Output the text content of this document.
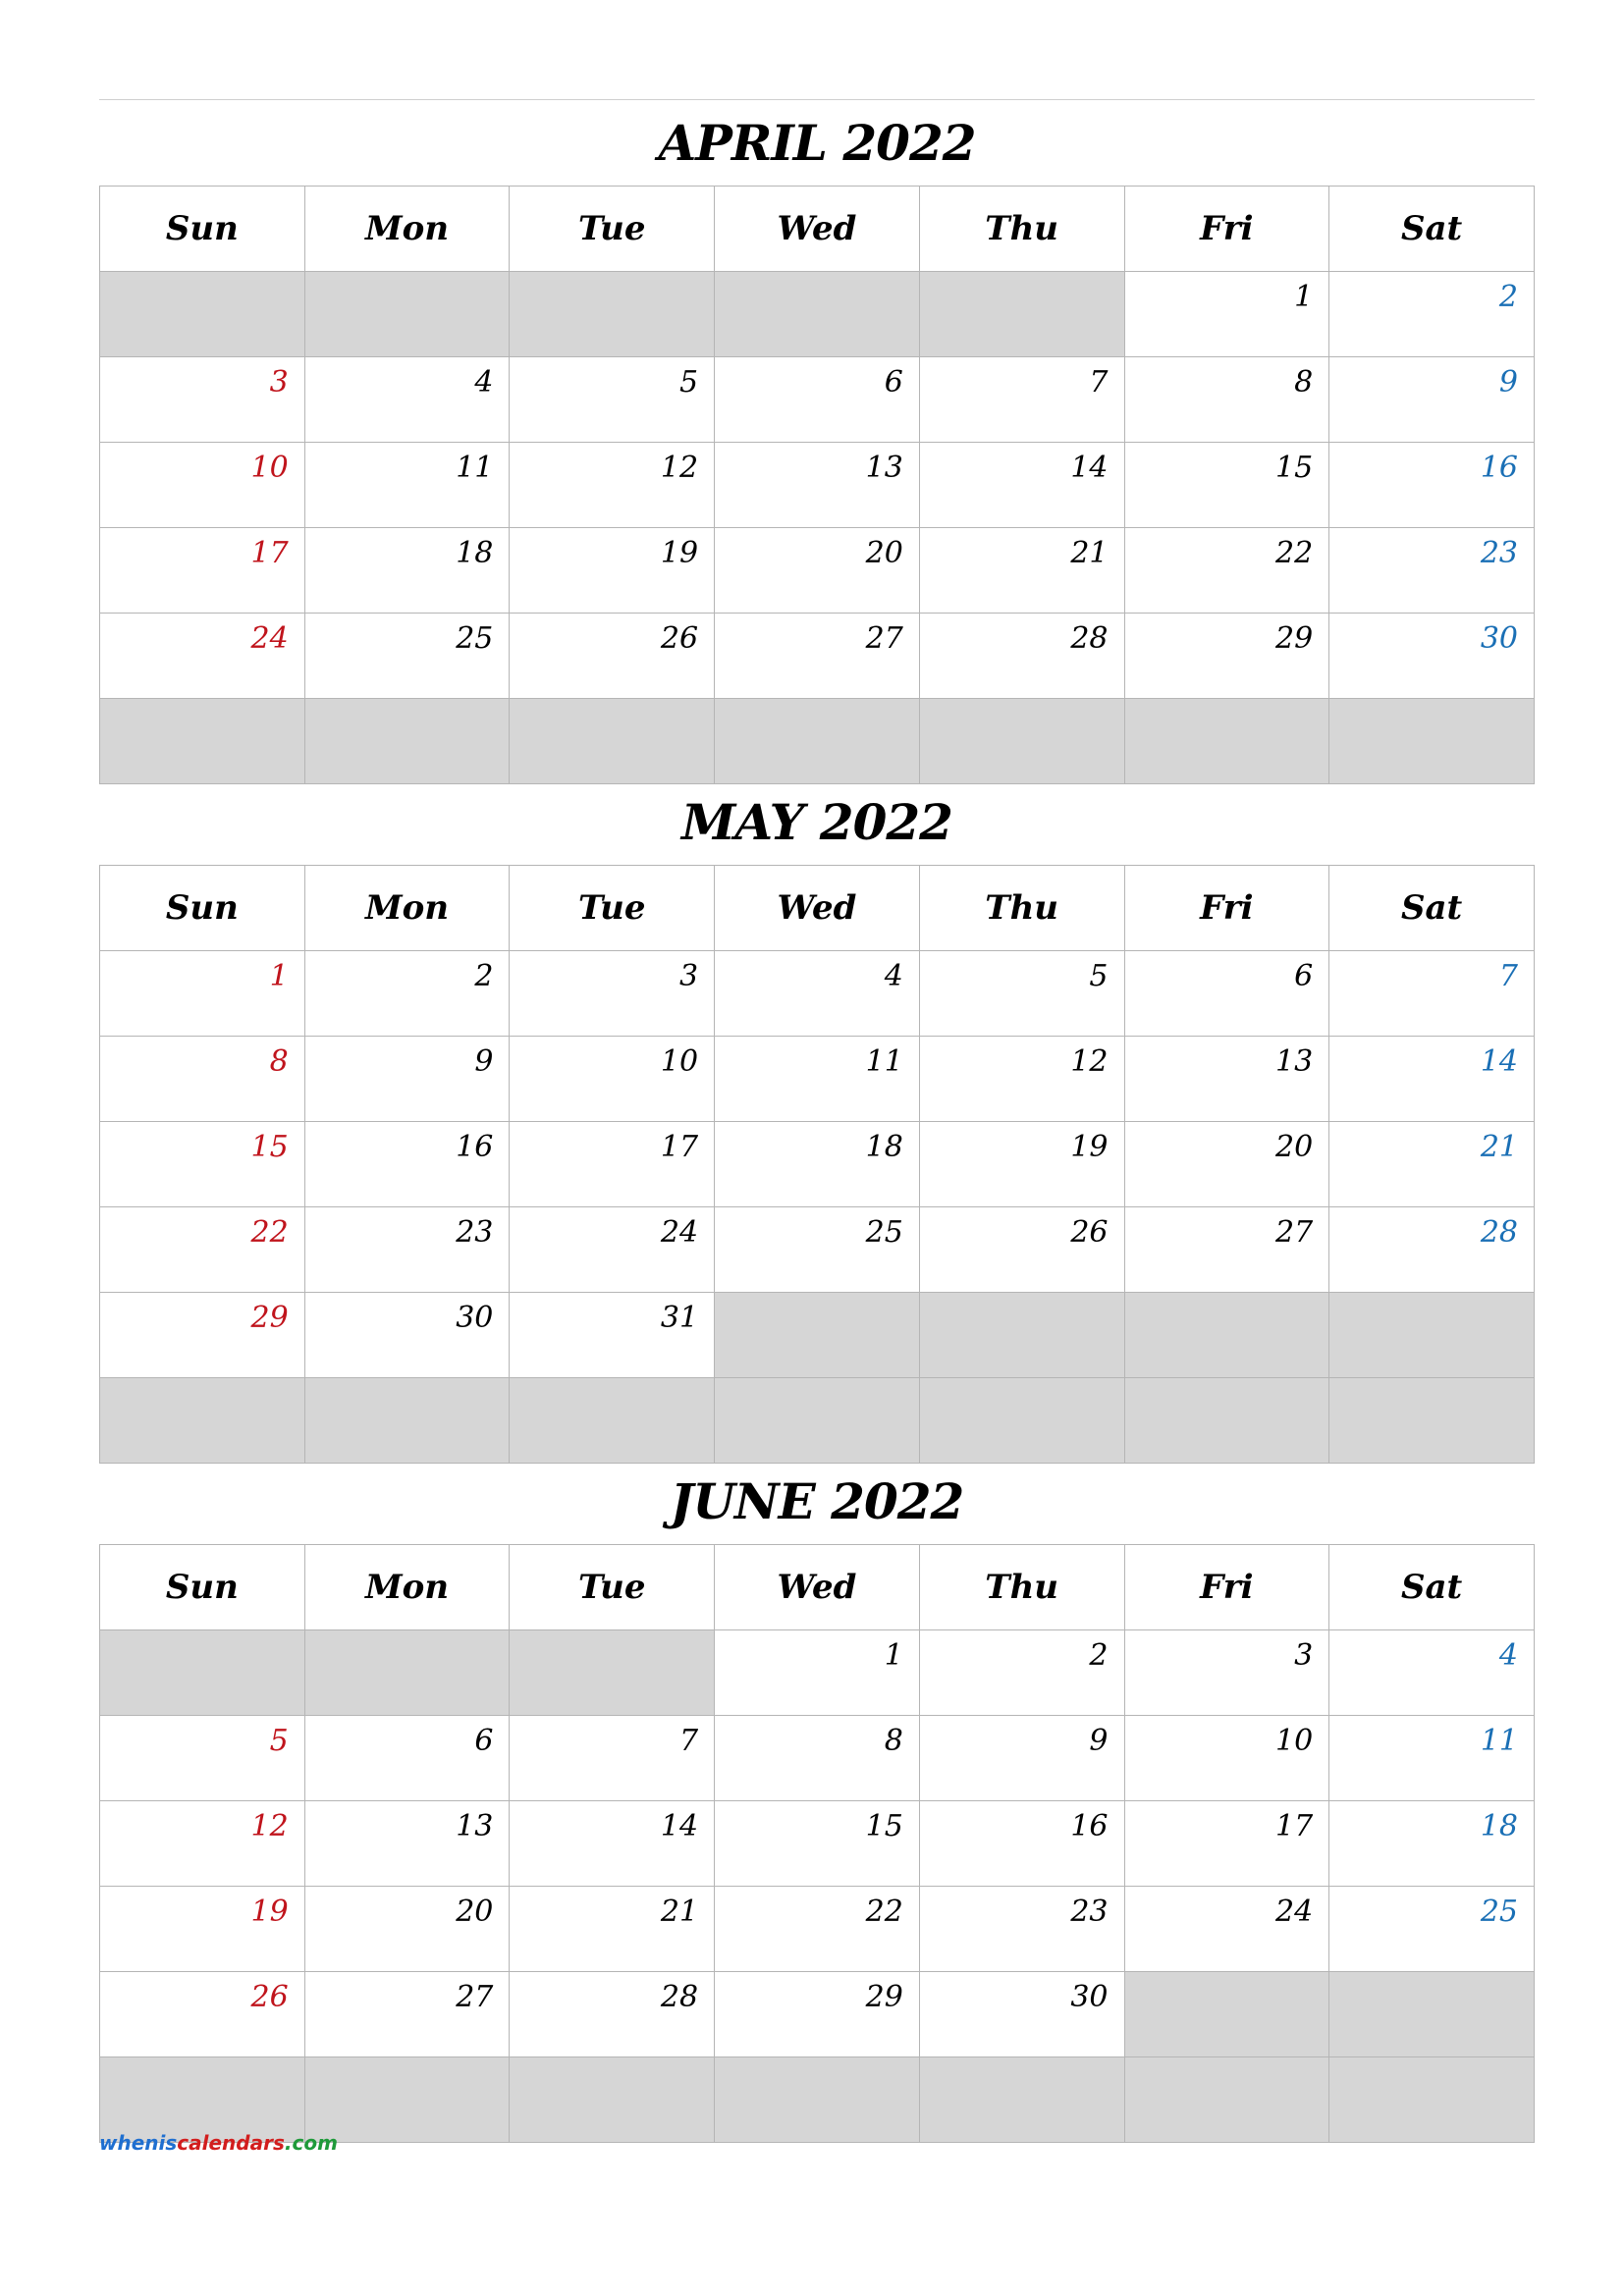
APRIL 2022
Sun	Mon	Tue	Wed	Thu	Fri	Sat
					1	2
3	4	5	6	7	8	9
10	11	12	13	14	15	16
17	18	19	20	21	22	23
24	25	26	27	28	29	30

MAY 2022
Sun	Mon	Tue	Wed	Thu	Fri	Sat
1	2	3	4	5	6	7
8	9	10	11	12	13	14
15	16	17	18	19	20	21
22	23	24	25	26	27	28
29	30	31				

JUNE 2022
Sun	Mon	Tue	Wed	Thu	Fri	Sat
			1	2	3	4
5	6	7	8	9	10	11
12	13	14	15	16	17	18
19	20	21	22	23	24	25
26	27	28	29	30		

wheniscalendars.com
